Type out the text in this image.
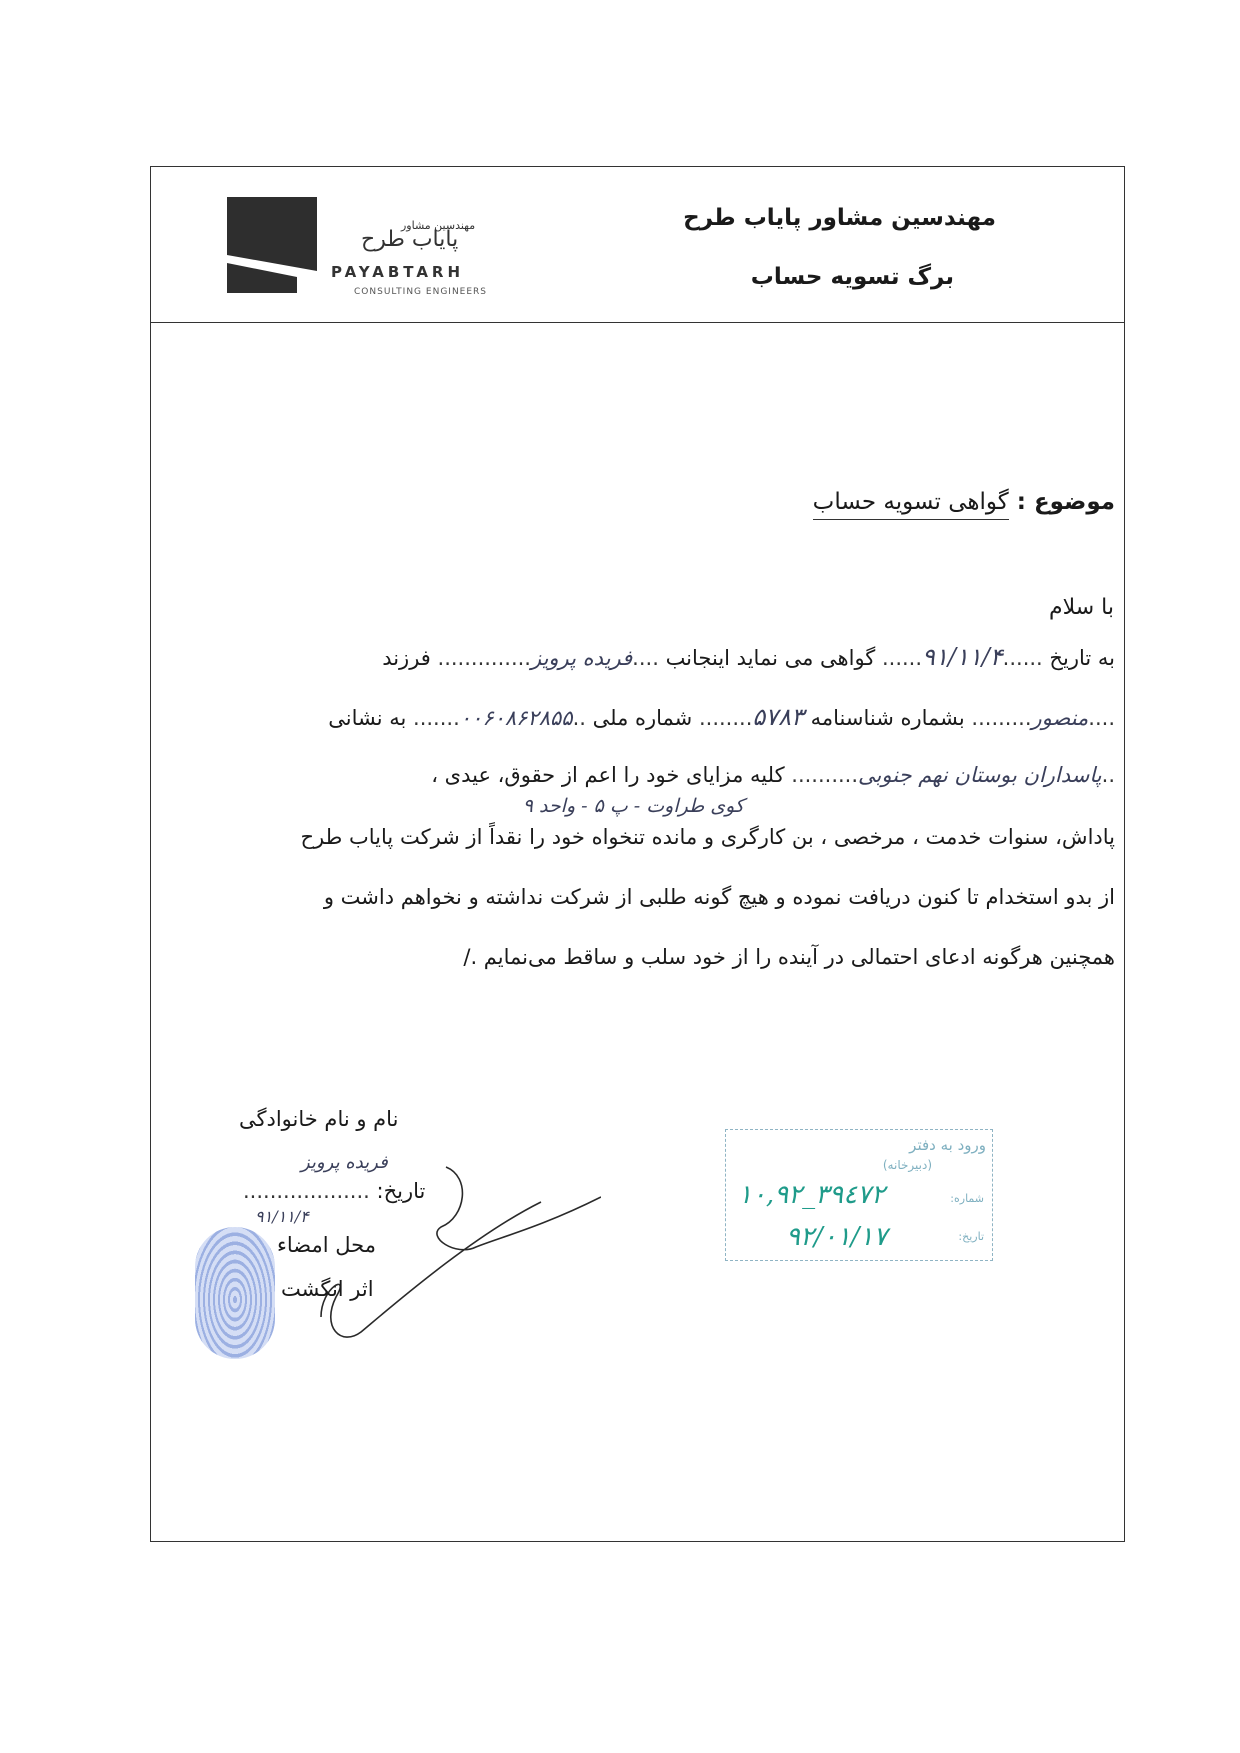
مهندسین مشاور پایاب طرح
برگ تسویه حساب
مهندسین مشاور
پایاب طرح
PAYABTARH
CONSULTING ENGINEERS
موضوع : گواهی تسویه حساب
با سلام
به تاریخ ......۹۱/۱۱/۴...... گواهی می نماید اینجانب ....فریده پرویز.............. فرزند
....منصور......... بشماره شناسنامه ۵۷۸۳........ شماره ملی ..۰۰۶۰۸۶۲۸۵۵....... به نشانی
..پاسداران بوستان نهم جنوبی.......... کلیه مزایای خود را اعم از حقوق، عیدی ،
کوی طراوت - پ ۵ - واحد ۹
پاداش، سنوات خدمت ، مرخصی ، بن کارگری و مانده تنخواه خود را نقداً از شرکت پایاب طرح
از بدو استخدام تا کنون دریافت نموده و هیچ گونه طلبی از شرکت نداشته و نخواهم داشت و
همچنین هرگونه ادعای احتمالی در آینده را از خود سلب و ساقط می‌نمایم ./
نام و نام خانوادگی
فریده پرویز
تاریخ: ...................
۹۱/۱۱/۴
محل امضاء
اثر انگشت
ورود به دفتر
(دبیرخانه)
شماره:
۱۰,۹۲_۳۹٤۷۲
تاریخ:
۹۲/۰۱/۱۷
